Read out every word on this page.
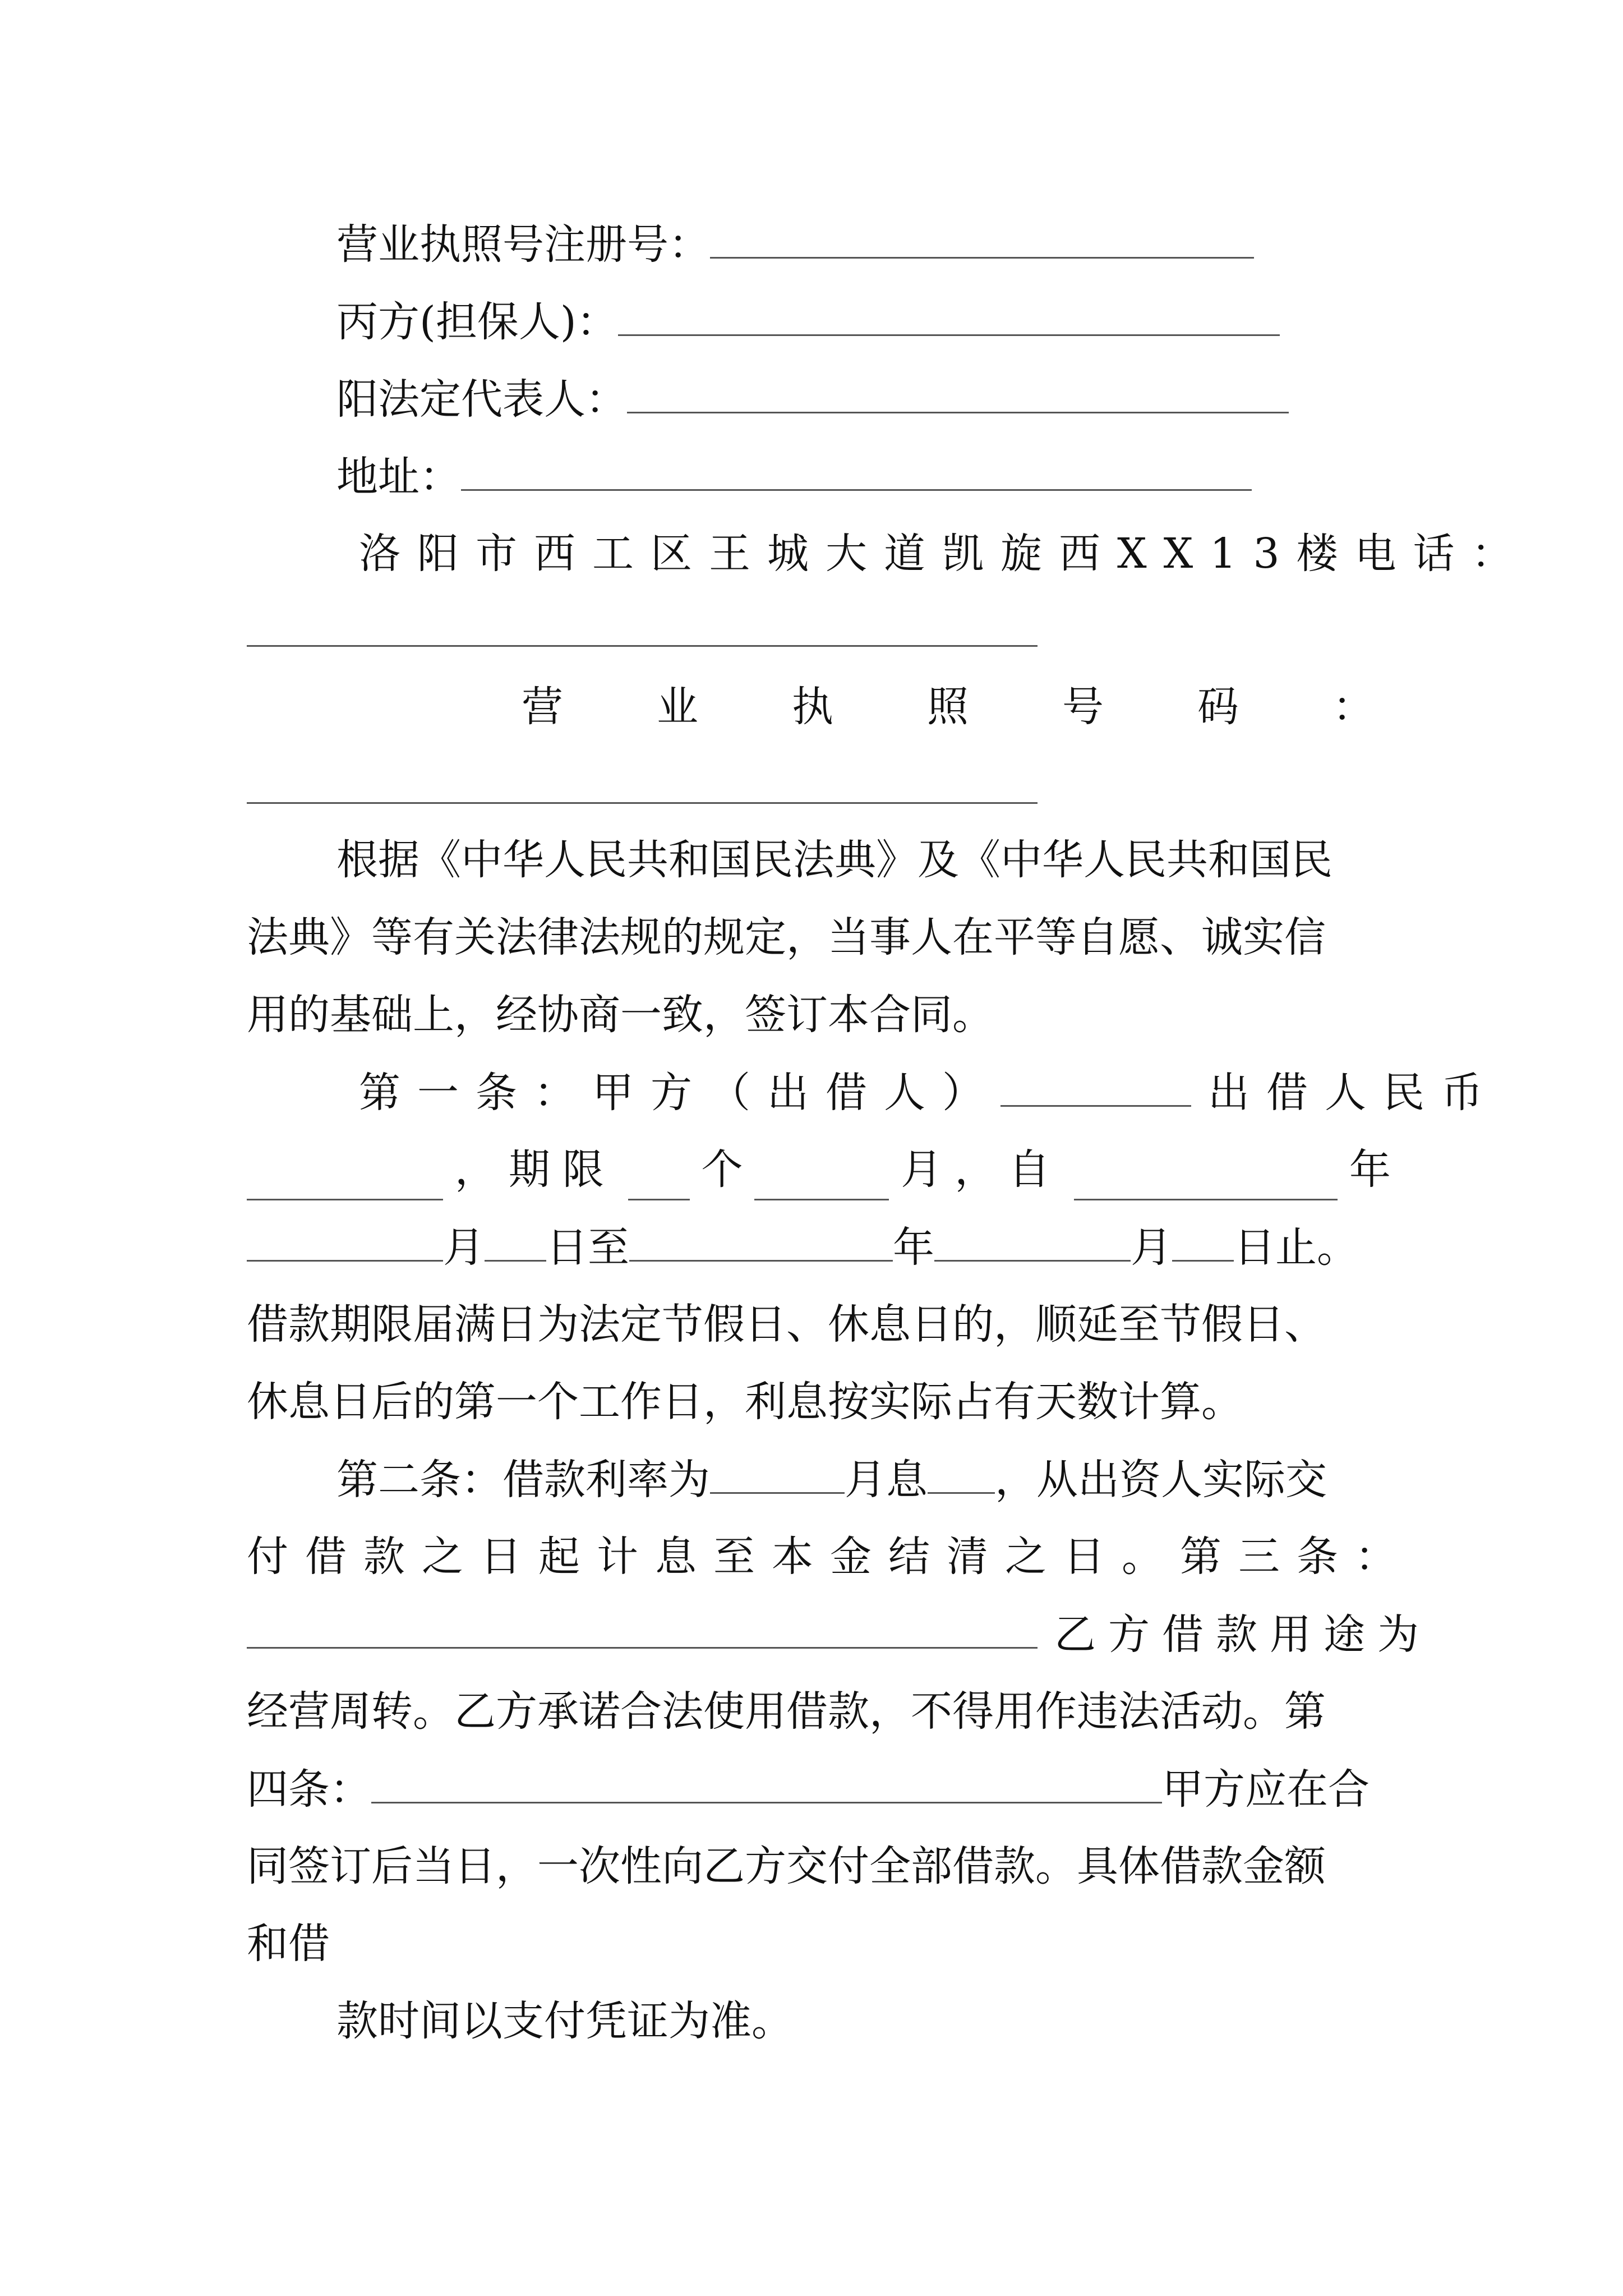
营业执照号注册号：
丙方(担保人)：
阳法定代表人：
地址：
洛阳市西工区王城大道凯旋西XX13楼电话：
营 业 执 照 号 码 ：
根据《中华人民共和国民法典》及《中华人民共和国民
法典》等有关法律法规的规定，当事人在平等自愿、诚实信
用的基础上，经协商一致，签订本合同。
第一条：甲方（出借人）	出借人民币
，期限 个	月，自	年
月 日至	年	月 日止。
借款期限届满日为法定节假日、休息日的，顺延至节假日、
休息日后的第一个工作日，利息按实际占有天数计算。
第二条：借款利率为	月息 ，从出资人实际交
付借款之日起计息至本金结清之日。第三条：
乙方借款用途为
经营周转。乙方承诺合法使用借款，不得用作违法活动。第
四条：	甲方应在合
同签订后当日，一次性向乙方交付全部借款。具体借款金额
和借
款时间以支付凭证为准。
